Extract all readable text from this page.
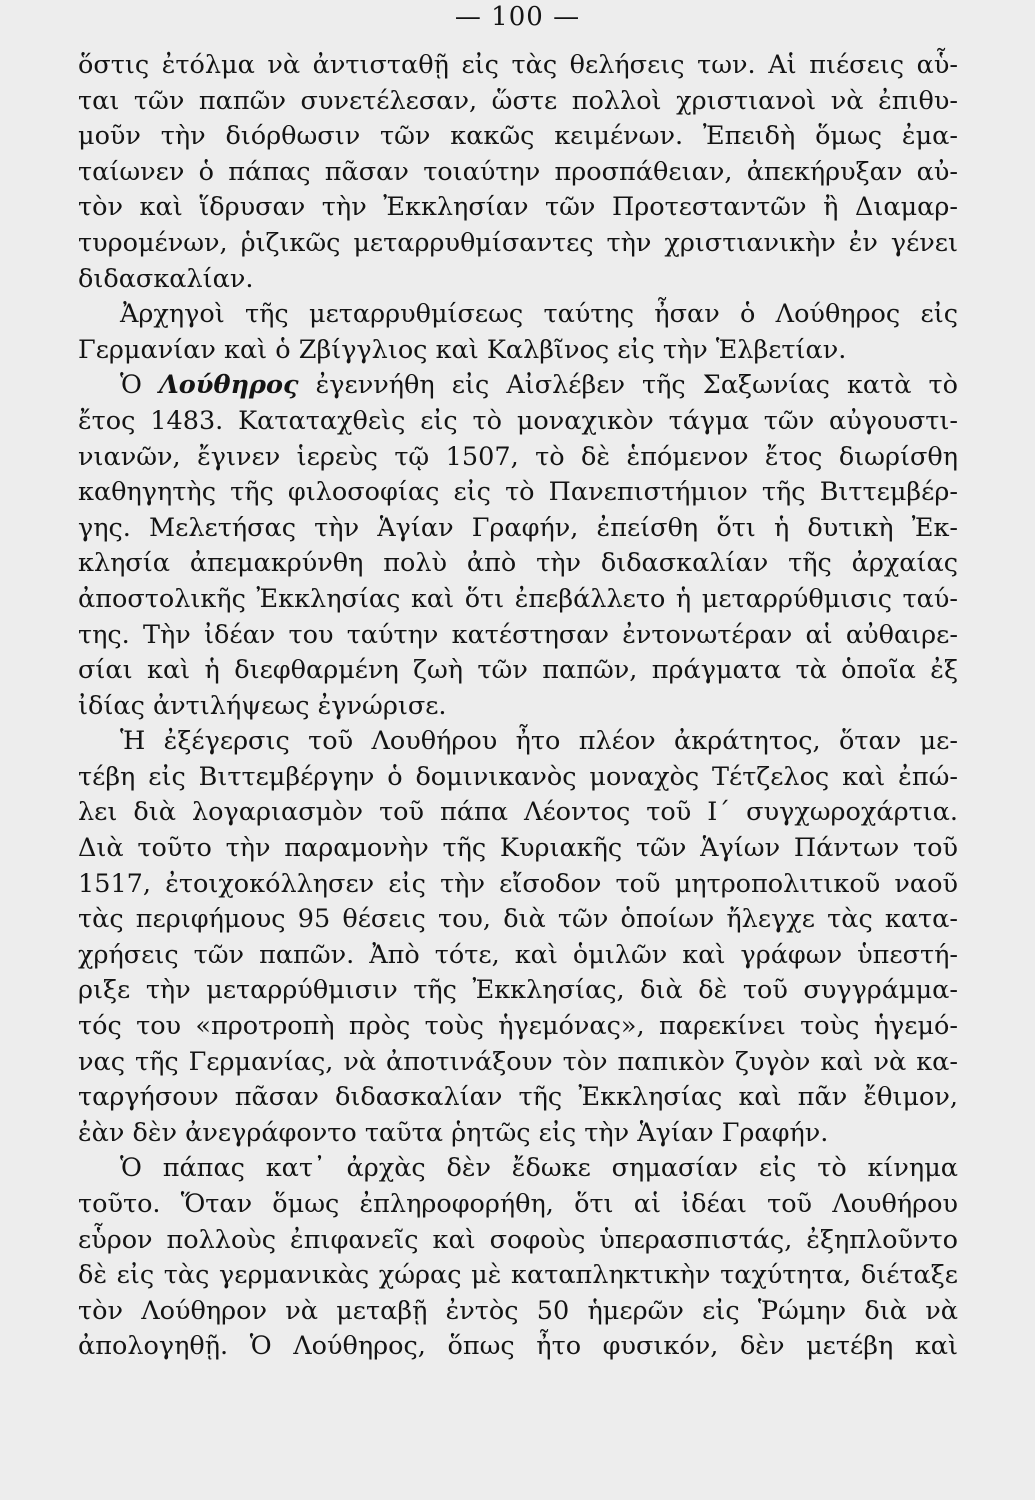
— 100 —
ὅστις ἐτόλμα νὰ ἀντισταθῇ εἰς τὰς θελήσεις των. Αἱ πιέσεις αὗ-
ται τῶν παπῶν συνετέλεσαν, ὥστε πολλοὶ χριστιανοὶ νὰ ἐπιθυ-
μοῦν τὴν διόρθωσιν τῶν κακῶς κειμένων. Ἐπειδὴ ὅμως ἐμα-
ταίωνεν ὁ πάπας πᾶσαν τοιαύτην προσπάθειαν, ἀπεκήρυξαν αὐ-
τὸν καὶ ἵδρυσαν τὴν Ἐκκλησίαν τῶν Προτεσταντῶν ἢ Διαμαρ-
τυρομένων, ῥιζικῶς μεταρρυθμίσαντες τὴν χριστιανικὴν ἐν γένει
διδασκαλίαν.
Ἀρχηγοὶ τῆς μεταρρυθμίσεως ταύτης ἦσαν ὁ Λούθηρος εἰς
Γερμανίαν καὶ ὁ Ζβίγγλιος καὶ Καλβῖνος εἰς τὴν Ἑλβετίαν.
Ὁ Λούθηρος ἐγεννήθη εἰς Αἰσλέβεν τῆς Σαξωνίας κατὰ τὸ
ἔτος 1483. Καταταχθεὶς εἰς τὸ μοναχικὸν τάγμα τῶν αὐγουστι-
νιανῶν, ἔγινεν ἱερεὺς τῷ 1507, τὸ δὲ ἑπόμενον ἔτος διωρίσθη
καθηγητὴς τῆς φιλοσοφίας εἰς τὸ Πανεπιστήμιον τῆς Βιττεμβέρ-
γης. Μελετήσας τὴν Ἁγίαν Γραφήν, ἐπείσθη ὅτι ἡ δυτικὴ Ἐκ-
κλησία ἀπεμακρύνθη πολὺ ἀπὸ τὴν διδασκαλίαν τῆς ἀρχαίας
ἀποστολικῆς Ἐκκλησίας καὶ ὅτι ἐπεβάλλετο ἡ μεταρρύθμισις ταύ-
της. Τὴν ἰδέαν του ταύτην κατέστησαν ἐντονωτέραν αἱ αὐθαιρε-
σίαι καὶ ἡ διεφθαρμένη ζωὴ τῶν παπῶν, πράγματα τὰ ὁποῖα ἐξ
ἰδίας ἀντιλήψεως ἐγνώρισε.
Ἡ ἐξέγερσις τοῦ Λουθήρου ἦτο πλέον ἀκράτητος, ὅταν με-
τέβη εἰς Βιττεμβέργην ὁ δομινικανὸς μοναχὸς Τέτζελος καὶ ἐπώ-
λει διὰ λογαριασμὸν τοῦ πάπα Λέοντος τοῦ Ι΄ συγχωροχάρτια.
Διὰ τοῦτο τὴν παραμονὴν τῆς Κυριακῆς τῶν Ἁγίων Πάντων τοῦ
1517, ἐτοιχοκόλλησεν εἰς τὴν εἴσοδον τοῦ μητροπολιτικοῦ ναοῦ
τὰς περιφήμους 95 θέσεις του, διὰ τῶν ὁποίων ἤλεγχε τὰς κατα-
χρήσεις τῶν παπῶν. Ἀπὸ τότε, καὶ ὁμιλῶν καὶ γράφων ὑπεστή-
ριξε τὴν μεταρρύθμισιν τῆς Ἐκκλησίας, διὰ δὲ τοῦ συγγράμμα-
τός του «προτροπὴ πρὸς τοὺς ἡγεμόνας», παρεκίνει τοὺς ἡγεμό-
νας τῆς Γερμανίας, νὰ ἀποτινάξουν τὸν παπικὸν ζυγὸν καὶ νὰ κα-
ταργήσουν πᾶσαν διδασκαλίαν τῆς Ἐκκλησίας καὶ πᾶν ἔθιμον,
ἐὰν δὲν ἀνεγράφοντο ταῦτα ῥητῶς εἰς τὴν Ἁγίαν Γραφήν.
Ὁ πάπας κατ᾽ ἀρχὰς δὲν ἔδωκε σημασίαν εἰς τὸ κίνημα
τοῦτο. Ὅταν ὅμως ἐπληροφορήθη, ὅτι αἱ ἰδέαι τοῦ Λουθήρου
εὗρον πολλοὺς ἐπιφανεῖς καὶ σοφοὺς ὑπερασπιστάς, ἐξηπλοῦντο
δὲ εἰς τὰς γερμανικὰς χώρας μὲ καταπληκτικὴν ταχύτητα, διέταξε
τὸν Λούθηρον νὰ μεταβῇ ἐντὸς 50 ἡμερῶν εἰς Ῥώμην διὰ νὰ
ἀπολογηθῇ. Ὁ Λούθηρος, ὅπως ἦτο φυσικόν, δὲν μετέβη καὶ
